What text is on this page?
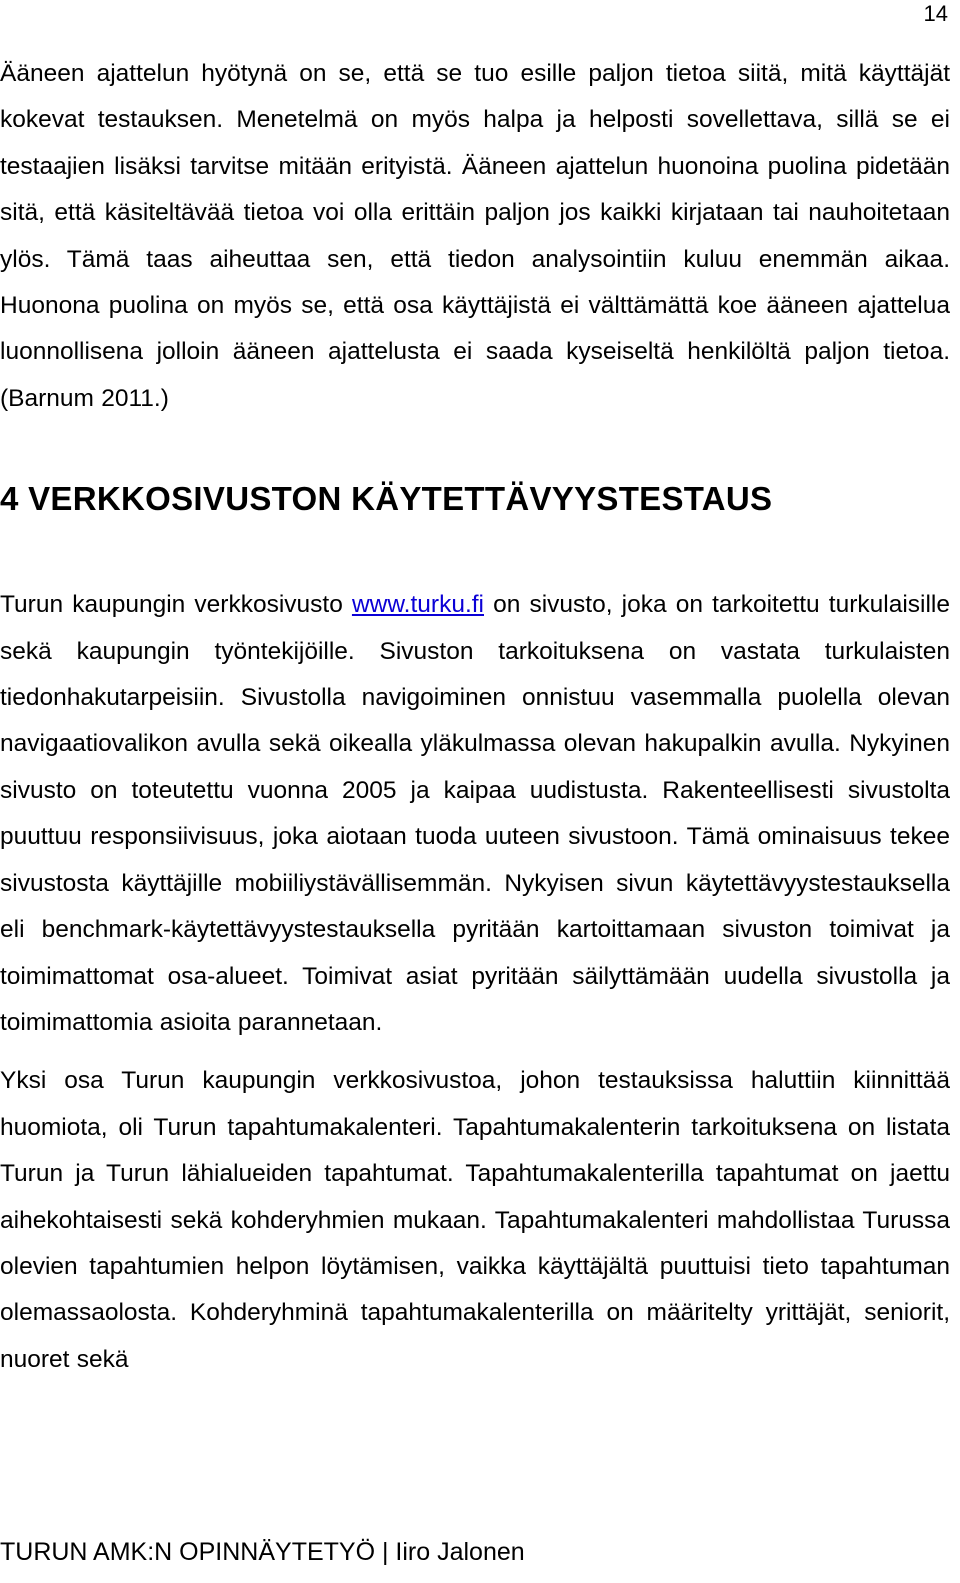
14

Ääneen ajattelun hyötynä on se, että se tuo esille paljon tietoa siitä, mitä käyttäjät kokevat testauksen. Menetelmä on myös halpa ja helposti sovellettava, sillä se ei testaajien lisäksi tarvitse mitään erityistä. Ääneen ajattelun huonoina puolina pidetään sitä, että käsiteltävää tietoa voi olla erittäin paljon jos kaikki kirjataan tai nauhoitetaan ylös. Tämä taas aiheuttaa sen, että tiedon analysointiin kuluu enemmän aikaa. Huonona puolina on myös se, että osa käyttäjistä ei välttämättä koe ääneen ajattelua luonnollisena jolloin ääneen ajattelusta ei saada kyseiseltä henkilöltä paljon tietoa. (Barnum 2011.)

4 VERKKOSIVUSTON KÄYTETTÄVYYSTESTAUS

Turun kaupungin verkkosivusto www.turku.fi on sivusto, joka on tarkoitettu turkulaisille sekä kaupungin työntekijöille. Sivuston tarkoituksena on vastata turkulaisten tiedonhakutarpeisiin. Sivustolla navigoiminen onnistuu vasemmalla puolella olevan navigaatiovalikon avulla sekä oikealla yläkulmassa olevan hakupalkin avulla. Nykyinen sivusto on toteutettu vuonna 2005 ja kaipaa uudistusta. Rakenteellisesti sivustolta puuttuu responsiivisuus, joka aiotaan tuoda uuteen sivustoon. Tämä ominaisuus tekee sivustosta käyttäjille mobiiliystävällisemmän. Nykyisen sivun käytettävyystestauksella eli benchmark-käytettävyystestauksella pyritään kartoittamaan sivuston toimivat ja toimimattomat osa-alueet. Toimivat asiat pyritään säilyttämään uudella sivustolla ja toimimattomia asioita parannetaan.

Yksi osa Turun kaupungin verkkosivustoa, johon testauksissa haluttiin kiinnittää huomiota, oli Turun tapahtumakalenteri. Tapahtumakalenterin tarkoituksena on listata Turun ja Turun lähialueiden tapahtumat. Tapahtumakalenterilla tapahtumat on jaettu aihekohtaisesti sekä kohderyhmien mukaan. Tapahtumakalenteri mahdollistaa Turussa olevien tapahtumien helpon löytämisen, vaikka käyttäjältä puuttuisi tieto tapahtuman olemassaolosta. Kohderyhminä tapahtumakalenterilla on määritelty yrittäjät, seniorit, nuoret sekä

TURUN AMK:N OPINNÄYTETYÖ | Iiro Jalonen
